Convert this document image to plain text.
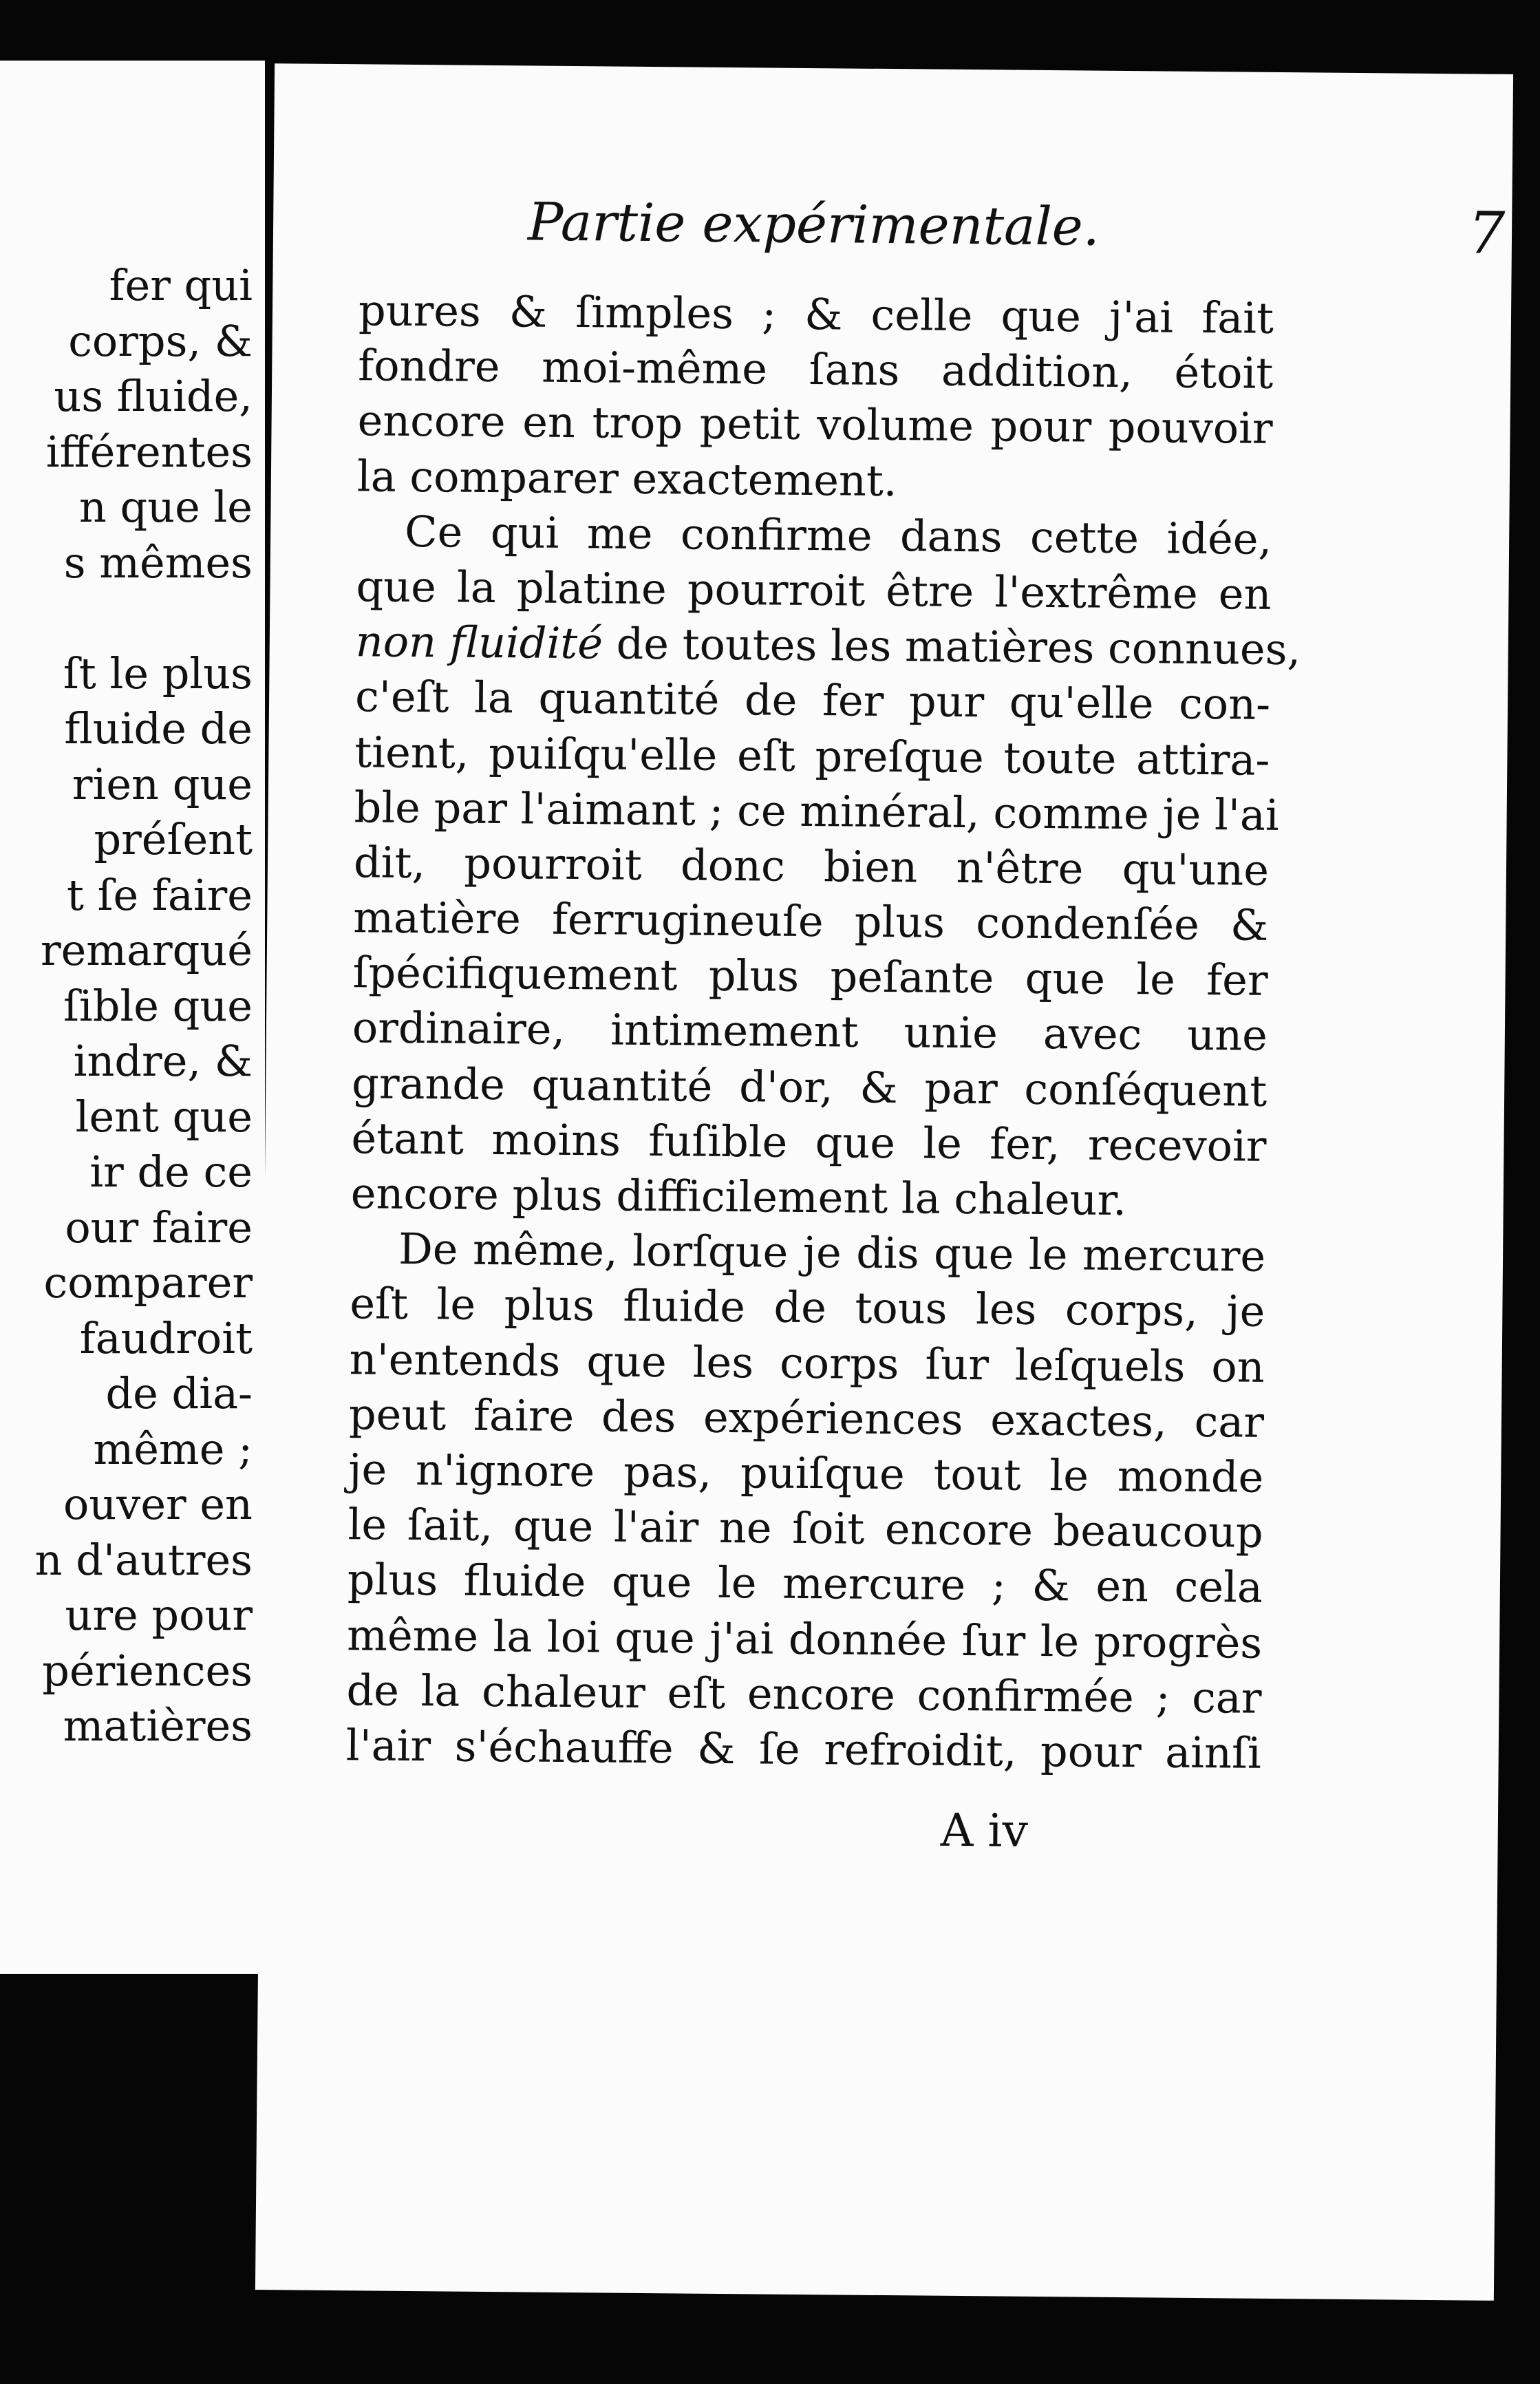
fer qui
corps, &
us fluide,
ifférentes
n que le
s mêmes
ſt le plus
fluide de
rien que
préſent
t ſe faire
remarqué
ſible que
indre, &
lent que
ir de ce
our faire
comparer
faudroit
de dia-
même ;
ouver en
n d'autres
ure pour
périences
matières
Partie expérimentale.	7
pures & ſimples ; & celle que j'ai fait
fondre moi-même ſans addition, étoit
encore en trop petit volume pour pouvoir
la comparer exactement.
Ce qui me confirme dans cette idée,
que la platine pourroit être l'extrême en
non fluidité de toutes les matières connues,
c'eſt la quantité de fer pur qu'elle con-
tient, puiſqu'elle eſt preſque toute attira-
ble par l'aimant ; ce minéral, comme je l'ai
dit, pourroit donc bien n'être qu'une
matière ferrugineuſe plus condenſée &
ſpécifiquement plus peſante que le fer
ordinaire, intimement unie avec une
grande quantité d'or, & par conſéquent
étant moins fuſible que le fer, recevoir
encore plus difficilement la chaleur.
De même, lorſque je dis que le mercure
eſt le plus fluide de tous les corps, je
n'entends que les corps ſur leſquels on
peut faire des expériences exactes, car
je n'ignore pas, puiſque tout le monde
le ſait, que l'air ne ſoit encore beaucoup
plus fluide que le mercure ; & en cela
même la loi que j'ai donnée ſur le progrès
de la chaleur eſt encore confirmée ; car
l'air s'échauffe & ſe refroidit, pour ainſi
A iv
